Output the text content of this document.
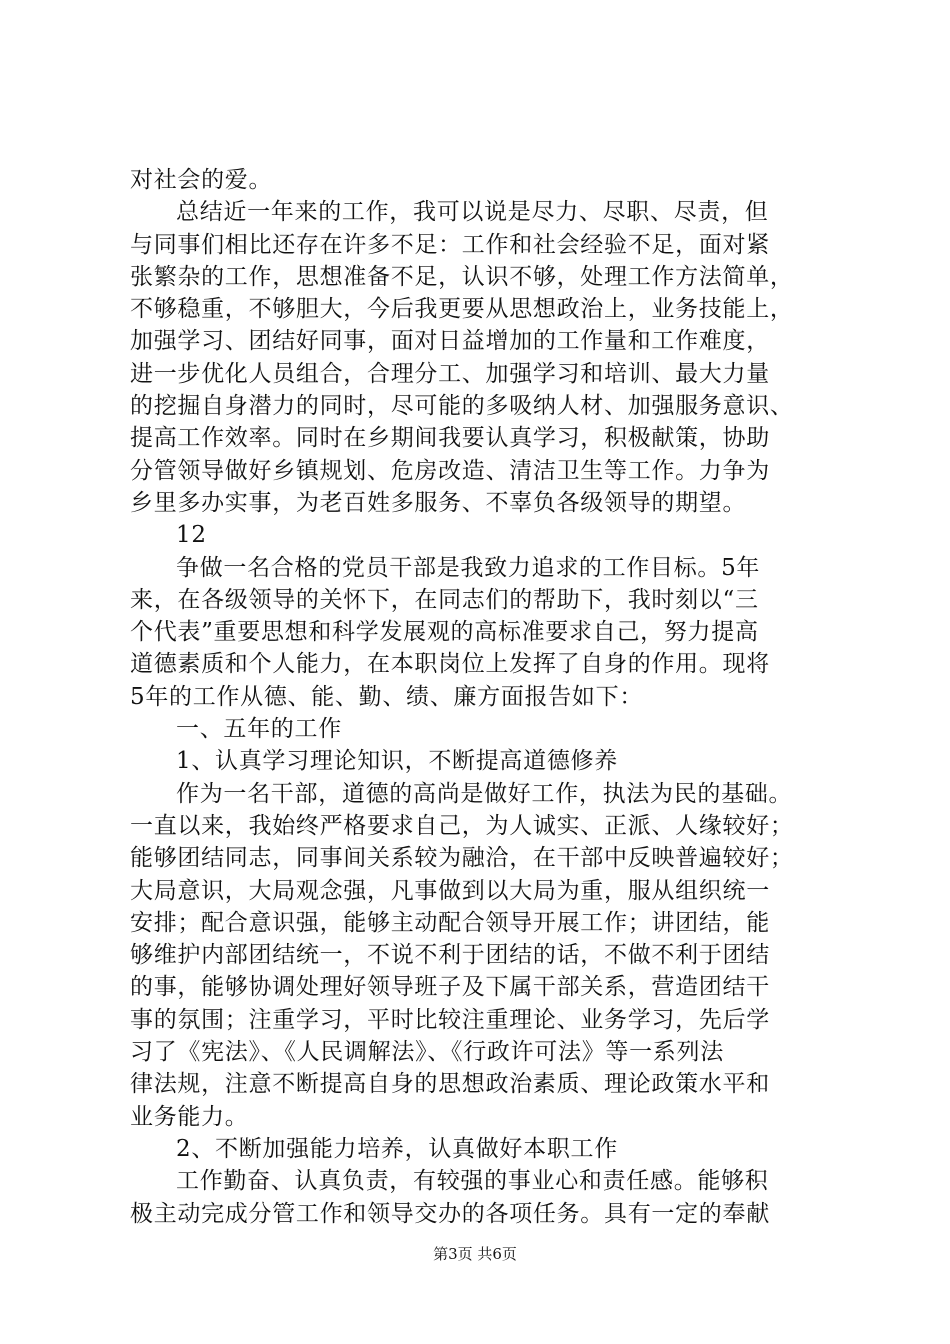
对社会的爱。
总结近一年来的工作，我可以说是尽力、尽职、尽责，但
与同事们相比还存在许多不足：工作和社会经验不足，面对紧
张繁杂的工作，思想准备不足，认识不够，处理工作方法简单，
不够稳重，不够胆大，今后我更要从思想政治上，业务技能上，
加强学习、团结好同事，面对日益增加的工作量和工作难度，
进一步优化人员组合，合理分工、加强学习和培训、最大力量
的挖掘自身潜力的同时，尽可能的多吸纳人材、加强服务意识、
提高工作效率。同时在乡期间我要认真学习，积极献策，协助
分管领导做好乡镇规划、危房改造、清洁卫生等工作。力争为
乡里多办实事，为老百姓多服务、不辜负各级领导的期望。
12
争做一名合格的党员干部是我致力追求的工作目标。5年
来，在各级领导的关怀下，在同志们的帮助下，我时刻以“三
个代表”重要思想和科学发展观的高标准要求自己，努力提高
道德素质和个人能力，在本职岗位上发挥了自身的作用。现将
5年的工作从德、能、勤、绩、廉方面报告如下：
一、五年的工作
1、认真学习理论知识，不断提高道德修养
作为一名干部，道德的高尚是做好工作，执法为民的基础。
一直以来，我始终严格要求自己，为人诚实、正派、人缘较好；
能够团结同志，同事间关系较为融洽，在干部中反映普遍较好；
大局意识，大局观念强，凡事做到以大局为重，服从组织统一
安排；配合意识强，能够主动配合领导开展工作；讲团结，能
够维护内部团结统一，不说不利于团结的话，不做不利于团结
的事，能够协调处理好领导班子及下属干部关系，营造团结干
事的氛围；注重学习，平时比较注重理论、业务学习，先后学
习了《宪法》、《人民调解法》、《行政许可法》等一系列法
律法规，注意不断提高自身的思想政治素质、理论政策水平和
业务能力。
2、不断加强能力培养，认真做好本职工作
工作勤奋、认真负责，有较强的事业心和责任感。能够积
极主动完成分管工作和领导交办的各项任务。具有一定的奉献
第3页 共6页
